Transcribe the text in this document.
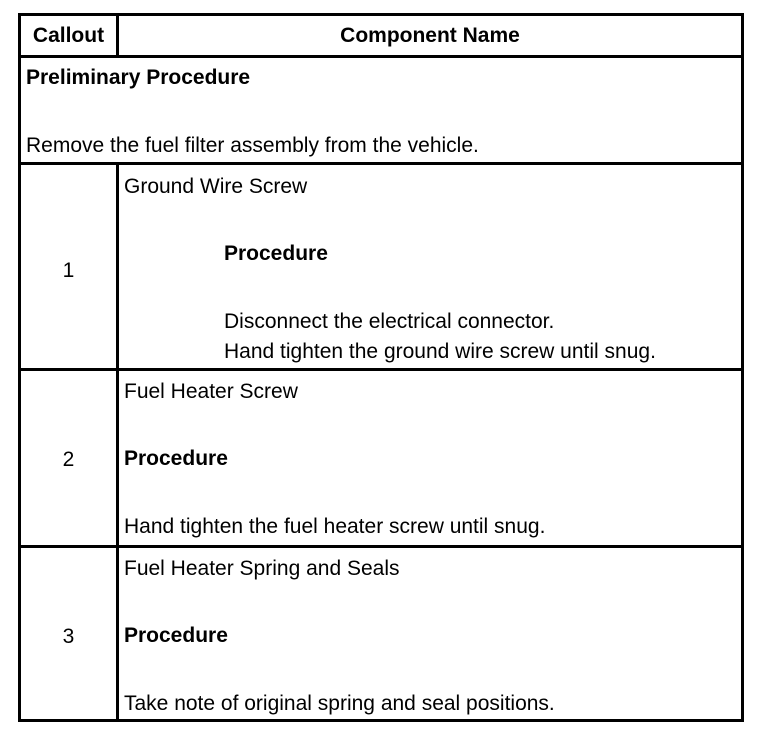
Callout	Component Name
Preliminary Procedure
Remove the fuel filter assembly from the vehicle.
1
Ground Wire Screw
Procedure
Disconnect the electrical connector.
Hand tighten the ground wire screw until snug.
2
Fuel Heater Screw
Procedure
Hand tighten the fuel heater screw until snug.
3
Fuel Heater Spring and Seals
Procedure
Take note of original spring and seal positions.
